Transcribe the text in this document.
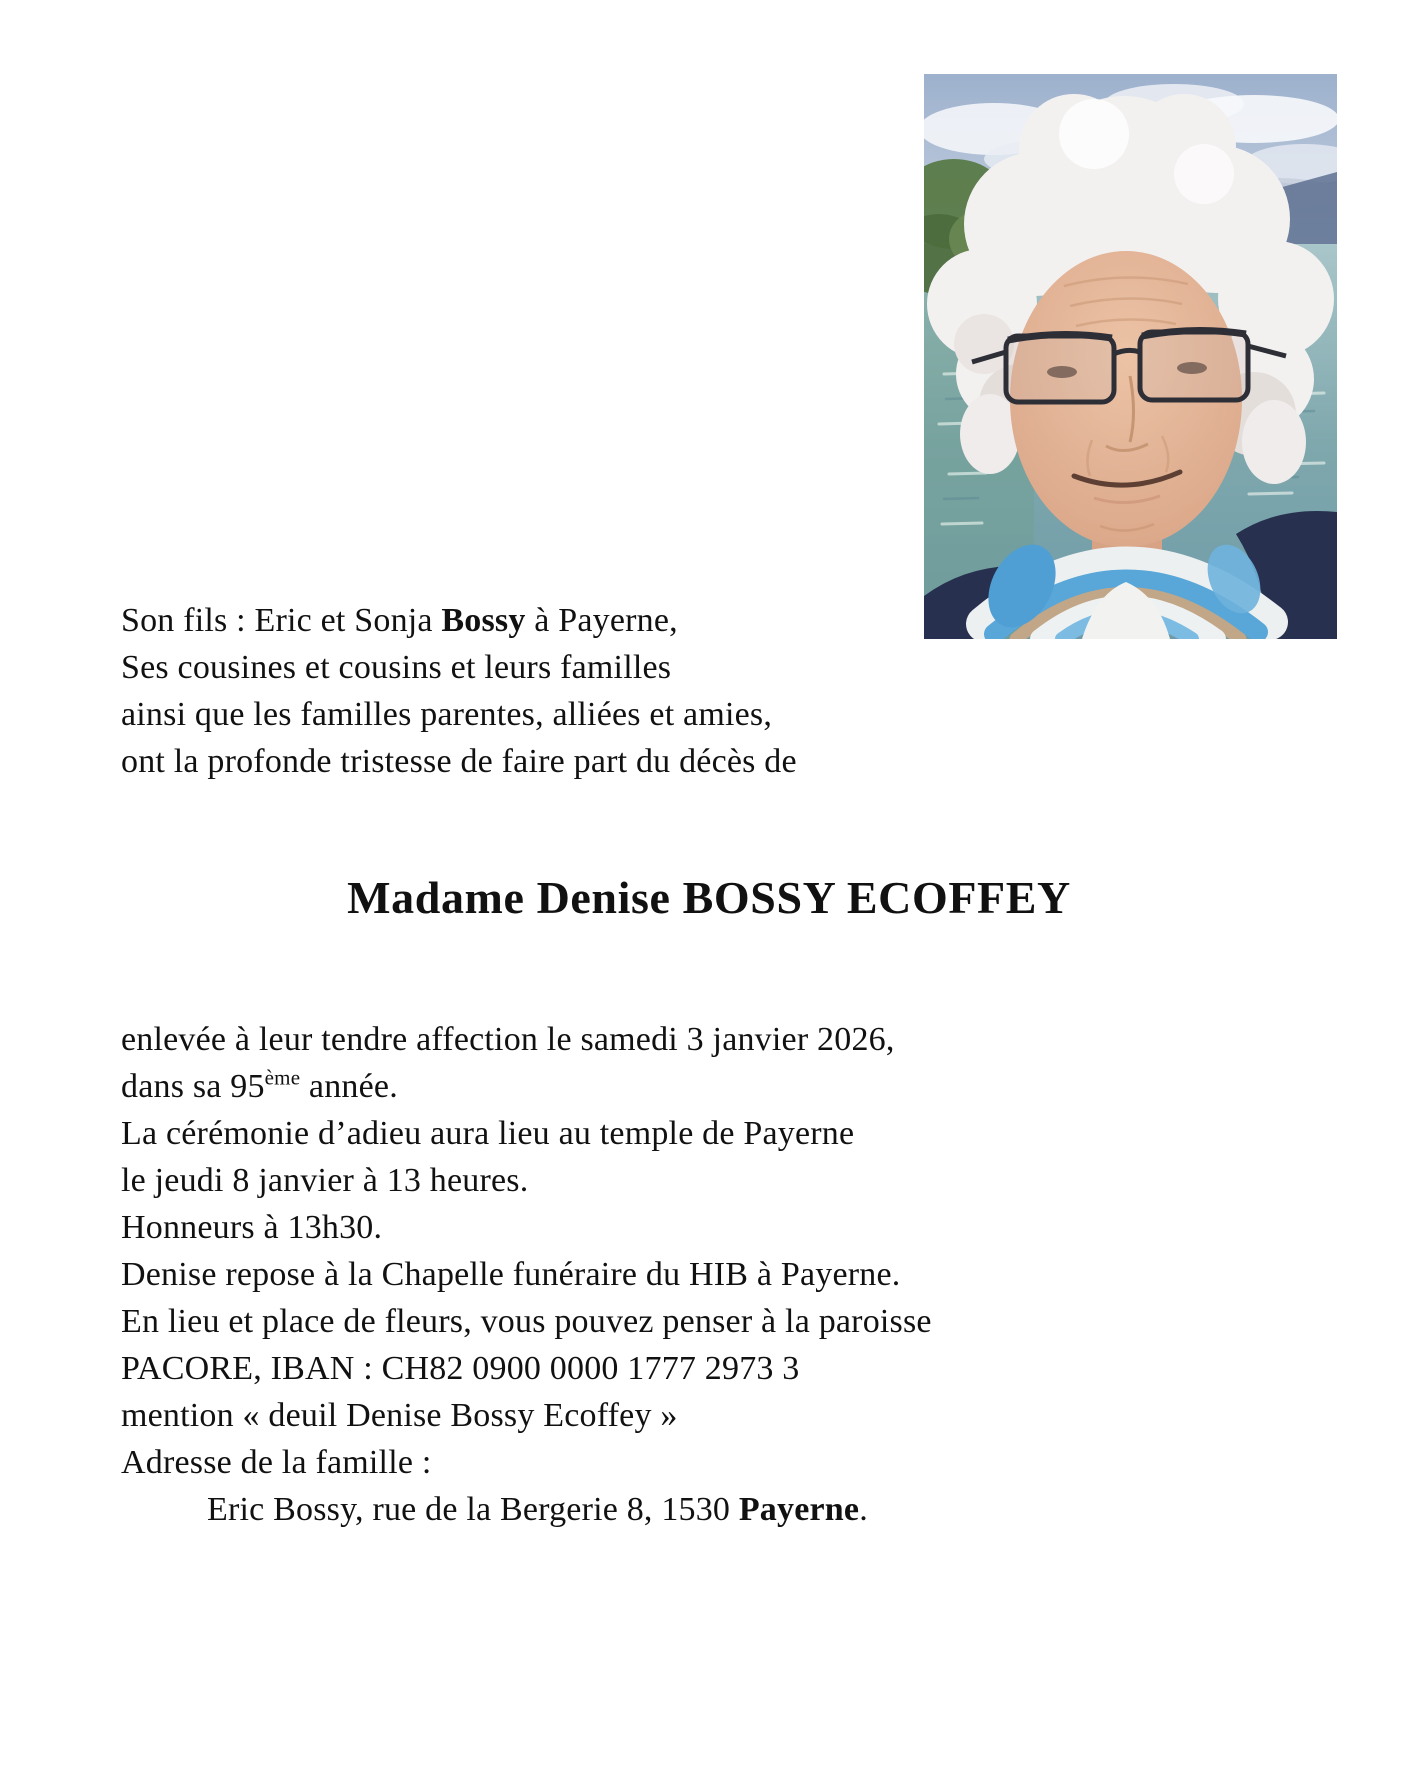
Son fils : Eric et Sonja Bossy à Payerne,
Ses cousines et cousins et leurs familles
ainsi que les familles parentes, alliées et amies,
ont la profonde tristesse de faire part du décès de
Madame Denise BOSSY ECOFFEY
enlevée à leur tendre affection le samedi 3 janvier 2026,
dans sa 95ème année.
La cérémonie d’adieu aura lieu au temple de Payerne
le jeudi 8 janvier à 13 heures.
Honneurs à 13h30.
Denise repose à la Chapelle funéraire du HIB à Payerne.
En lieu et place de fleurs, vous pouvez penser à la paroisse
PACORE, IBAN : CH82 0900 0000 1777 2973 3
mention « deuil Denise Bossy Ecoffey »
Adresse de la famille :
Eric Bossy, rue de la Bergerie 8, 1530 Payerne.
